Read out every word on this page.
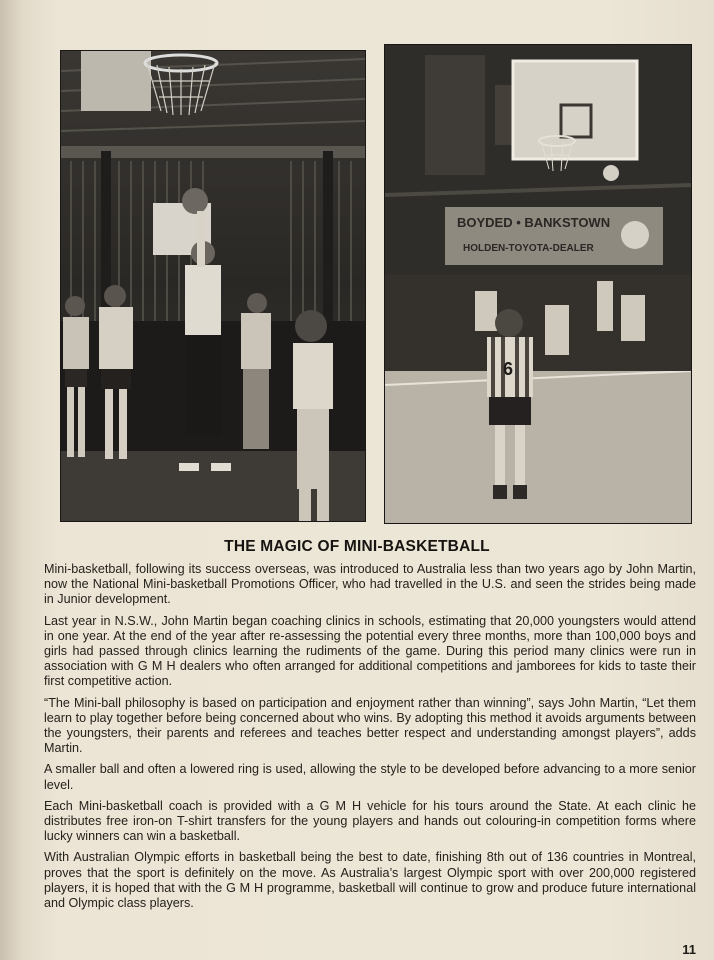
BOYDED • BANKSTOWN
HOLDEN-TOYOTA-DEALER
6
THE MAGIC OF MINI-BASKETBALL

Mini-basketball, following its success overseas, was introduced to Australia less than two years ago by John Martin, now the National Mini-basketball Promotions Officer, who had travelled in the U.S. and seen the strides being made in Junior development.

Last year in N.S.W., John Martin began coaching clinics in schools, estimating that 20,000 youngsters would attend in one year. At the end of the year after re-assessing the potential every three months, more than 100,000 boys and girls had passed through clinics learning the rudiments of the game. During this period many clinics were run in association with G M H dealers who often arranged for additional competitions and jamborees for kids to taste their first competitive action.

“The Mini-ball philosophy is based on participation and enjoyment rather than winning”, says John Martin, “Let them learn to play together before being concerned about who wins. By adopting this method it avoids arguments between the youngsters, their parents and referees and teaches better respect and understanding amongst players”, adds Martin.

A smaller ball and often a lowered ring is used, allowing the style to be developed before advancing to a more senior level.

Each Mini-basketball coach is provided with a G M H vehicle for his tours around the State. At each clinic he distributes free iron-on T-shirt transfers for the young players and hands out colouring-in competition forms where lucky winners can win a basketball.

With Australian Olympic efforts in basketball being the best to date, finishing 8th out of 136 countries in Montreal, proves that the sport is definitely on the move. As Australia’s largest Olympic sport with over 200,000 registered players, it is hoped that with the G M H programme, basketball will continue to grow and produce future international and Olympic class players.

11
